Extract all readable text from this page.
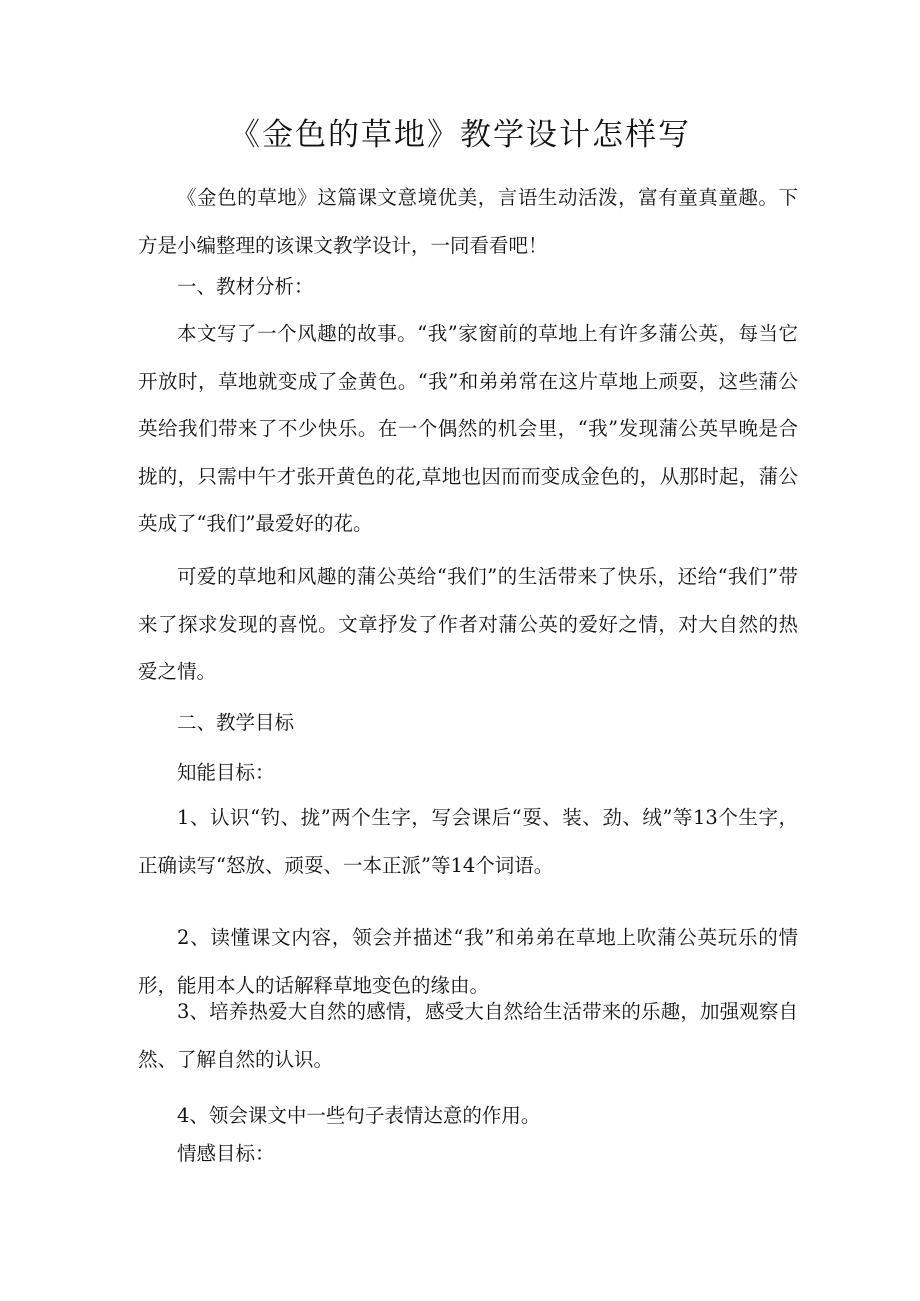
《金色的草地》教学设计怎样写

《金色的草地》这篇课文意境优美，言语生动活泼，富有童真童趣。下方是小编整理的该课文教学设计，一同看看吧！

一、教材分析：

本文写了一个风趣的故事。“我”家窗前的草地上有许多蒲公英，每当它开放时，草地就变成了金黄色。“我”和弟弟常在这片草地上顽耍，这些蒲公英给我们带来了不少快乐。在一个偶然的机会里，“我”发现蒲公英早晚是合拢的，只需中午才张开黄色的花,草地也因而而变成金色的，从那时起，蒲公英成了“我们”最爱好的花。

可爱的草地和风趣的蒲公英给“我们”的生活带来了快乐，还给“我们”带来了探求发现的喜悦。文章抒发了作者对蒲公英的爱好之情，对大自然的热爱之情。

二、教学目标

知能目标：

1、认识“钓、拢”两个生字，写会课后“耍、装、劲、绒”等13个生字，正确读写“怒放、顽耍、一本正派”等14个词语。

2、读懂课文内容，领会并描述“我”和弟弟在草地上吹蒲公英玩乐的情形，能用本人的话解释草地变色的缘由。

3、培养热爱大自然的感情，感受大自然给生活带来的乐趣，加强观察自然、了解自然的认识。

4、领会课文中一些句子表情达意的作用。

情感目标：
